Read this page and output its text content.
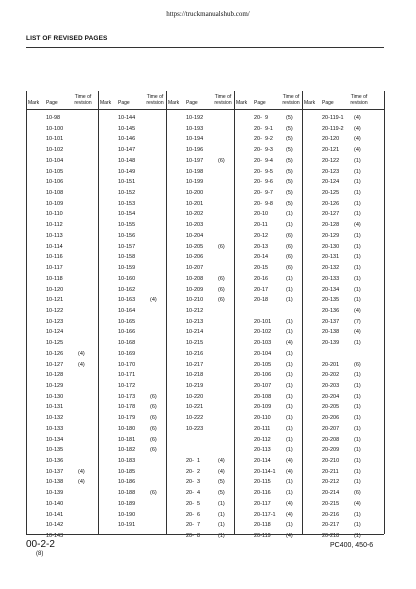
https://truckmanualshub.com/
LIST OF REVISED PAGES
Mark Page
Time of revision
10-98
10-100
10-101
10-102
10-104
10-105
10-106
10-108
10-109
10-110
10-112
10-113
10-114
10-116
10-117
10-118
10-120
10-121
10-122
10-123
10-124
10-125
10-126	(4)
10-127	(4)
10-128
10-129
10-130
10-131
10-132
10-133
10-134
10-135
10-136
10-137	(4)
10-138	(4)
10-139
10-140
10-141
10-142
10-143
Mark Page
Time of revision
10-144
10-145
10-146
10-147
10-148
10-149
10-151
10-152
10-153
10-154
10-155
10-156
10-157
10-158
10-159
10-160
10-162
10-163	(4)
10-164
10-165
10-166
10-168
10-169
10-170
10-171
10-172
10-173	(6)
10-178	(6)
10-179	(6)
10-180	(6)
10-181	(6)
10-182	(6)
10-183
10-185
10-186
10-188	(6)
10-189
10-190
10-191
Mark Page
Time of revision
10-192
10-193
10-194
10-196
10-197	(6)
10-198
10-199
10-200
10-201
10-202
10-203
10-204
10-205	(6)
10-206
10-207
10-208	(6)
10-209	(6)
10-210	(6)
10-212
10-213
10-214
10-215
10-216
10-217
10-218
10-219
10-220
10-221
10-222
10-223
20-  1	(4)
20-  2	(4)
20-  3	(5)
20-  4	(5)
20-  5	(1)
20-  6	(1)
20-  7	(1)
20-  8	(1)
Mark Page
Time of revision
20-  9	(5)
20-  9-1 (5)
20-  9-2 (5)
20-  9-3 (5)
20-  9-4 (5)
20-  9-5 (5)
20-  9-6 (5)
20-  9-7 (5)
20-  9-8 (5)
20-10	(1)
20-11	(1)
20-12	(6)
20-13	(6)
20-14	(6)
20-15	(6)
20-16	(1)
20-17	(1)
20-18	(1)
20-101	(1)
20-102	(1)
20-103	(4)
20-104	(1)
20-105	(1)
20-106	(1)
20-107	(1)
20-108	(1)
20-109	(1)
20-110	(1)
20-111	(1)
20-112	(1)
20-113	(1)
20-114	(4)
20-114-1 (4)
20-115	(1)
20-116	(1)
20-117	(4)
20-117-1 (4)
20-118	(1)
20-119	(4)
Mark Page
Time of revision
20-119-1 (4)
20-119-2 (4)
20-120	(4)
20-121	(4)
20-122	(1)
20-123	(1)
20-124	(1)
20-125	(1)
20-126	(1)
20-127	(1)
20-128	(4)
20-129	(1)
20-130	(1)
20-131	(1)
20-132	(1)
20-133	(1)
20-134	(1)
20-135	(1)
20-136	(4)
20-137	(7)
20-138	(4)
20-139	(1)
20-201	(6)
20-202	(1)
20-203	(1)
20-204	(1)
20-205	(1)
20-206	(1)
20-207	(1)
20-208	(1)
20-209	(1)
20-210	(1)
20-211	(1)
20-212	(1)
20-214	(6)
20-215	(4)
20-216	(1)
20-217	(1)
20-218	(1)
00-2-2
(8)
PC400, 450-6
